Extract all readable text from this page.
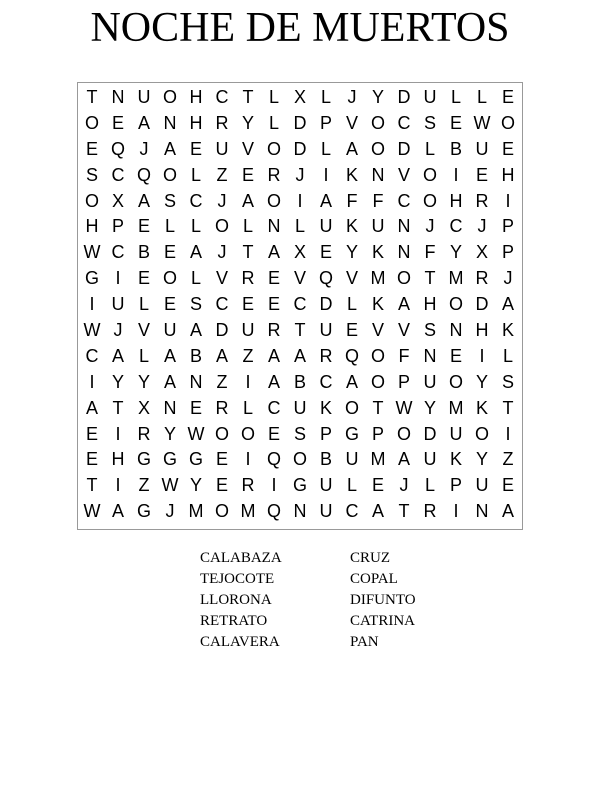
NOCHE DE MUERTOS
T N U O H C T L X L J Y D U L L E
O E A N H R Y L D P V O C S E W O
E Q J A E U V O D L A O D L B U E
S C Q O L Z E R J	I K N V O I E H
O X A S C J A O I A F F C O H R I
H P E L L O L N L U K U N J C J P
W C B E A J T A X E Y K N F Y X P
G I E O L V R E V Q V M O T M R J
I U L E S C E E C D L K A H O D A
W J V U A D U R T U E V V S N H K
C A L A B A Z A A R Q O F N E I	L
I Y Y A N Z I A B C A O P U O Y S
A T X N E R L C U K O T W Y M K T
E I R Y W O O E S P G P O D U O I
E H G G G E I Q O B U M A U K Y Z
T I	Z W Y E R I G U L E J L P U E
W A G J M O M Q N U C A T R I N A
CALABAZA
TEJOCOTE
LLORONA
RETRATO
CALAVERA
CRUZ
COPAL
DIFUNTO
CATRINA
PAN
